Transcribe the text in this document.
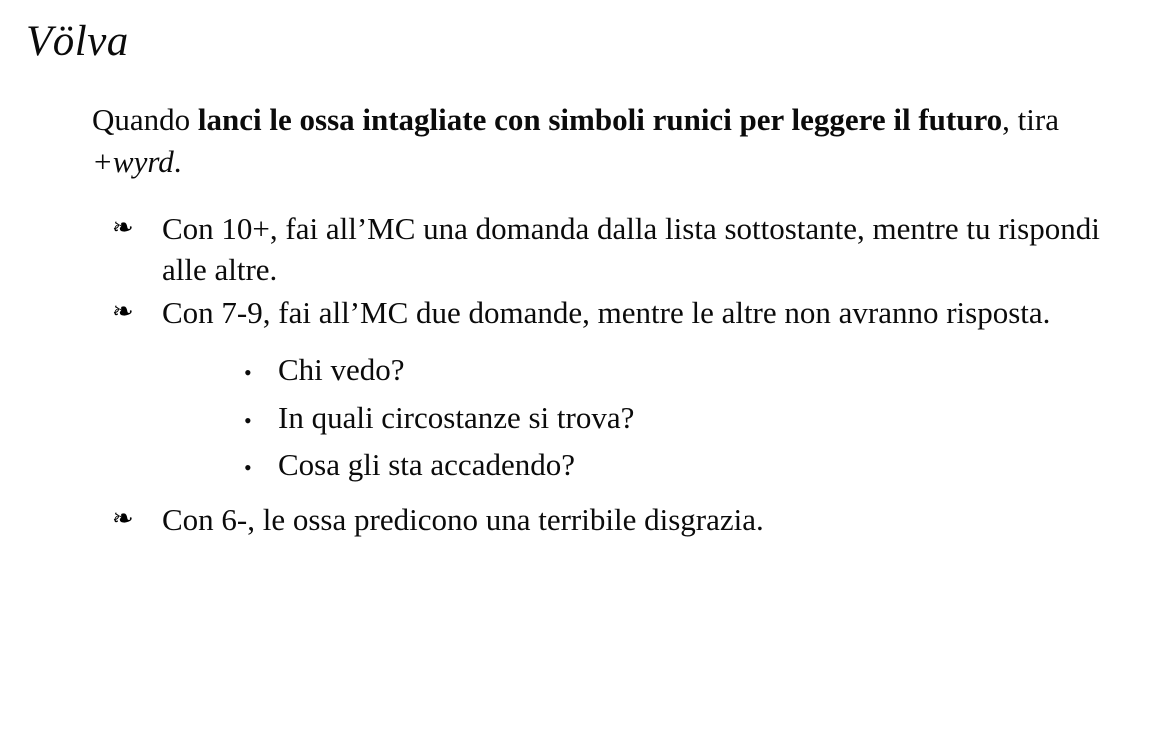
Völva

Quando lanci le ossa intagliate con simboli runici per leggere il futuro, tira +wyrd.

❧ Con 10+, fai all’MC una domanda dalla lista sottostante, mentre tu rispondi alle altre.
❧ Con 7-9, fai all’MC due domande, mentre le altre non avranno risposta.
• Chi vedo?
• In quali circostanze si trova?
• Cosa gli sta accadendo?
❧ Con 6-, le ossa predicono una terribile disgrazia.
